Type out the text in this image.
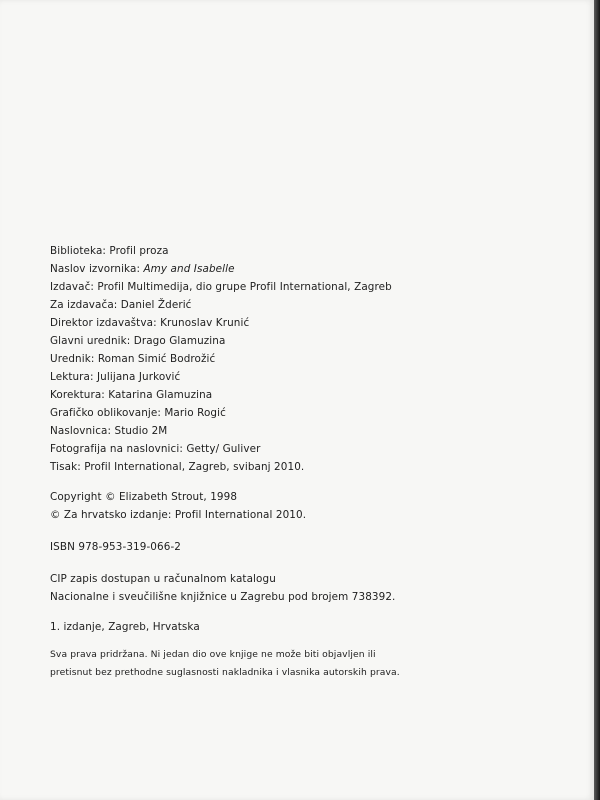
Biblioteka: Profil proza

Naslov izvornika: Amy and Isabelle

Izdavač: Profil Multimedija, dio grupe Profil International, Zagreb

Za izdavača: Daniel Žderić

Direktor izdavaštva: Krunoslav Krunić

Glavni urednik: Drago Glamuzina

Urednik: Roman Simić Bodrožić

Lektura: Julijana Jurković

Korektura: Katarina Glamuzina

Grafičko oblikovanje: Mario Rogić

Naslovnica: Studio 2M

Fotografija na naslovnici: Getty/ Guliver

Tisak: Profil International, Zagreb, svibanj 2010.

Copyright © Elizabeth Strout, 1998

© Za hrvatsko izdanje: Profil International 2010.

ISBN 978-953-319-066-2

CIP zapis dostupan u računalnom katalogu

Nacionalne i sveučilišne knjižnice u Zagrebu pod brojem 738392.

1. izdanje, Zagreb, Hrvatska

Sva prava pridržana. Ni jedan dio ove knjige ne može biti objavljen ili

pretisnut bez prethodne suglasnosti nakladnika i vlasnika autorskih prava.
